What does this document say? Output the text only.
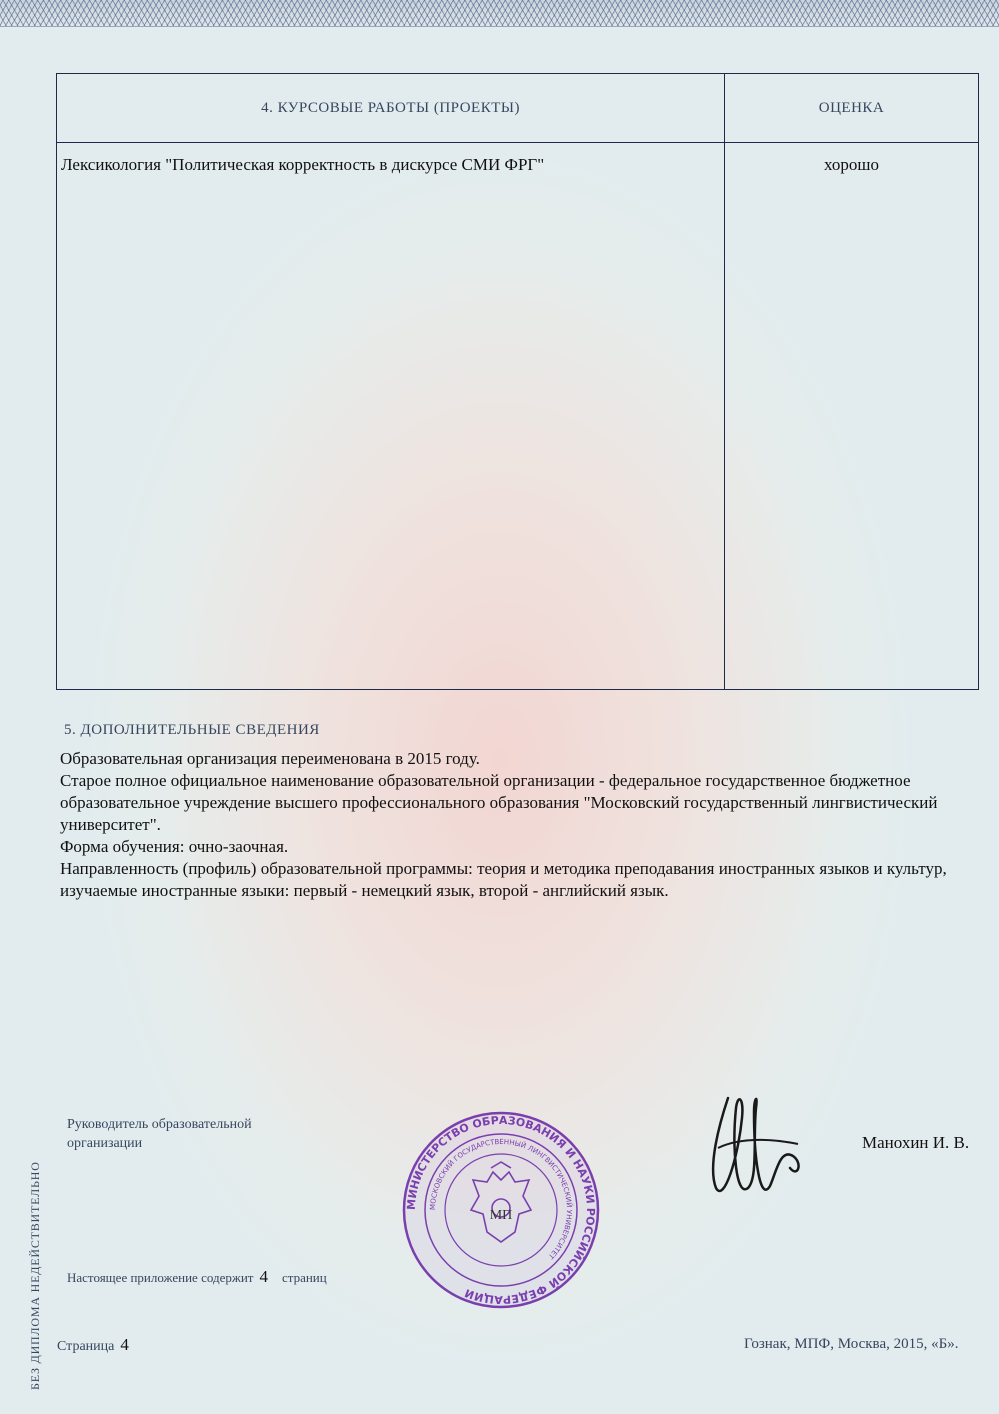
4. КУРСОВЫЕ РАБОТЫ (ПРОЕКТЫ)	ОЦЕНКА
Лексикология "Политическая корректность в дискурсе СМИ ФРГ"	хорошо
5. ДОПОЛНИТЕЛЬНЫЕ СВЕДЕНИЯ

Образовательная организация переименована в 2015 году.

Старое полное официальное наименование образовательной организации - федеральное государственное бюджетное образовательное учреждение высшего профессионального образования "Московский государственный лингвистический университет".

Форма обучения: очно-заочная.

Направленность (профиль) образовательной программы: теория и методика преподавания иностранных языков и культур, изучаемые иностранные языки: первый - немецкий язык, второй - английский язык.

Руководитель образовательной
организации
МИНИСТЕРСТВО ОБРАЗОВАНИЯ И НАУКИ РОССИЙСКОЙ ФЕДЕРАЦИИ
МОСКОВСКИЙ ГОСУДАРСТВЕННЫЙ ЛИНГВИСТИЧЕСКИЙ УНИВЕРСИТЕТ
МП
Манохин И. В.
Настоящее приложение содержит 4 страниц
Страница 4	Гознак, МПФ, Москва, 2015, «Б».
БЕЗ ДИПЛОМА НЕДЕЙСТВИТЕЛЬНО
